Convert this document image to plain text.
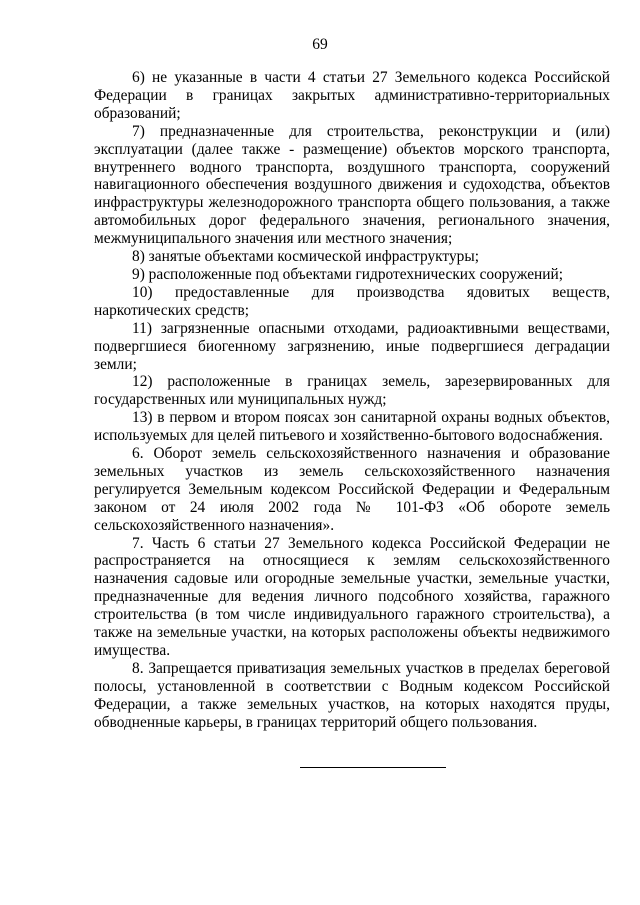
69

6) не указанные в части 4 статьи 27 Земельного кодекса Российской Федерации в границах закрытых административно-территориальных образований;

7) предназначенные для строительства, реконструкции и (или) эксплуатации (далее также - размещение) объектов морского транспорта, внутреннего водного транспорта, воздушного транспорта, сооружений навигационного обеспечения воздушного движения и судоходства, объектов инфраструктуры железнодорожного транспорта общего пользования, а также автомобильных дорог федерального значения, регионального значения, межмуниципального значения или местного значения;

8) занятые объектами космической инфраструктуры;

9) расположенные под объектами гидротехнических сооружений;

10) предоставленные для производства ядовитых веществ, наркотических средств;

11) загрязненные опасными отходами, радиоактивными веществами, подвергшиеся биогенному загрязнению, иные подвергшиеся деградации земли;

12) расположенные в границах земель, зарезервированных для государственных или муниципальных нужд;

13) в первом и втором поясах зон санитарной охраны водных объектов, используемых для целей питьевого и хозяйственно-бытового водоснабжения.

6. Оборот земель сельскохозяйственного назначения и образование земельных участков из земель сельскохозяйственного назначения регулируется Земельным кодексом Российской Федерации и Федеральным законом от 24 июля 2002 года № 101-ФЗ «Об обороте земель сельскохозяйственного назначения».

7. Часть 6 статьи 27 Земельного кодекса Российской Федерации не распространяется на относящиеся к землям сельскохозяйственного назначения садовые или огородные земельные участки, земельные участки, предназначенные для ведения личного подсобного хозяйства, гаражного строительства (в том числе индивидуального гаражного строительства), а также на земельные участки, на которых расположены объекты недвижимого имущества.

8. Запрещается приватизация земельных участков в пределах береговой полосы, установленной в соответствии с Водным кодексом Российской Федерации, а также земельных участков, на которых находятся пруды, обводненные карьеры, в границах территорий общего пользования.
